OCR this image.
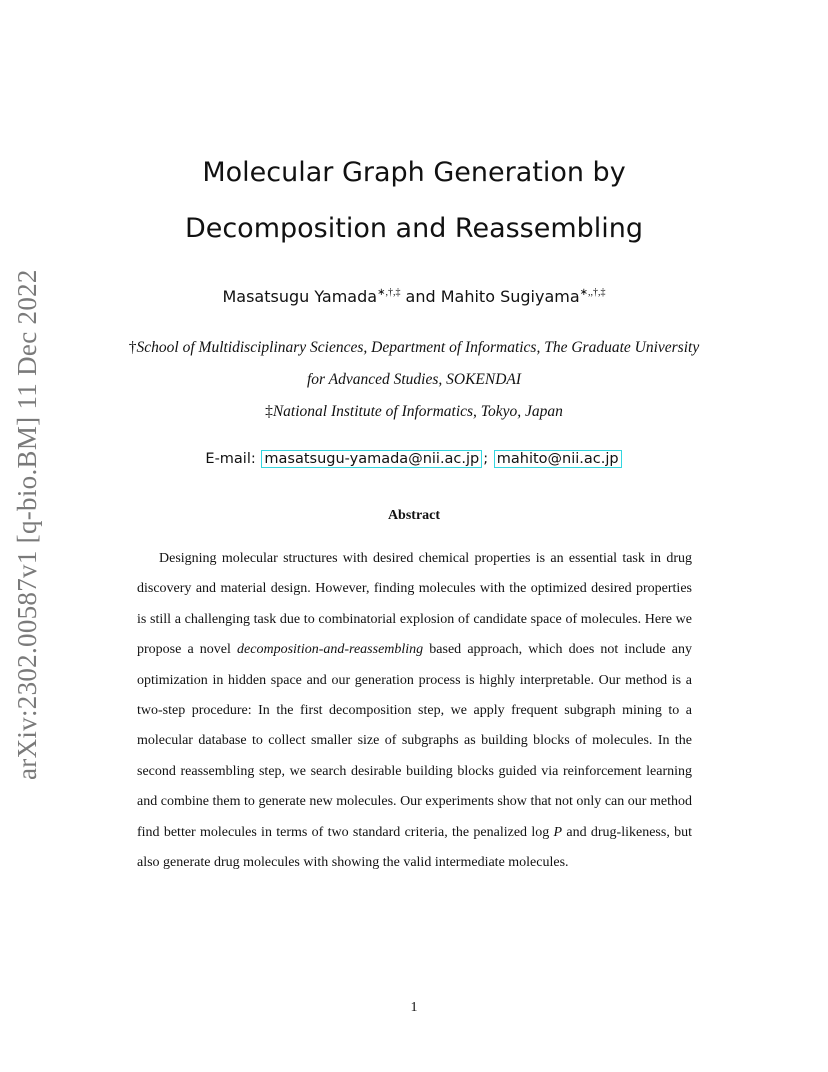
arXiv:2302.00587v1 [q-bio.BM] 11 Dec 2022
Molecular Graph Generation by
Decomposition and Reassembling
Masatsugu Yamada∗,†,‡ and Mahito Sugiyama∗,,†,‡
†School of Multidisciplinary Sciences, Department of Informatics, The Graduate University
for Advanced Studies, SOKENDAI
‡National Institute of Informatics, Tokyo, Japan
E-mail: masatsugu-yamada@nii.ac.jp ; mahito@nii.ac.jp
Abstract

Designing molecular structures with desired chemical properties is an essential task in drug discovery and material design. However, finding molecules with the optimized desired properties is still a challenging task due to combinatorial explosion of candidate space of molecules. Here we propose a novel decomposition-and-reassembling based approach, which does not include any optimization in hidden space and our generation process is highly interpretable. Our method is a two-step procedure: In the first decomposition step, we apply frequent subgraph mining to a molecular database to collect smaller size of subgraphs as building blocks of molecules. In the second reassembling step, we search desirable building blocks guided via reinforcement learning and combine them to generate new molecules. Our experiments show that not only can our method find better molecules in terms of two standard criteria, the penalized log P and drug-likeness, but also generate drug molecules with showing the valid intermediate molecules.

1
